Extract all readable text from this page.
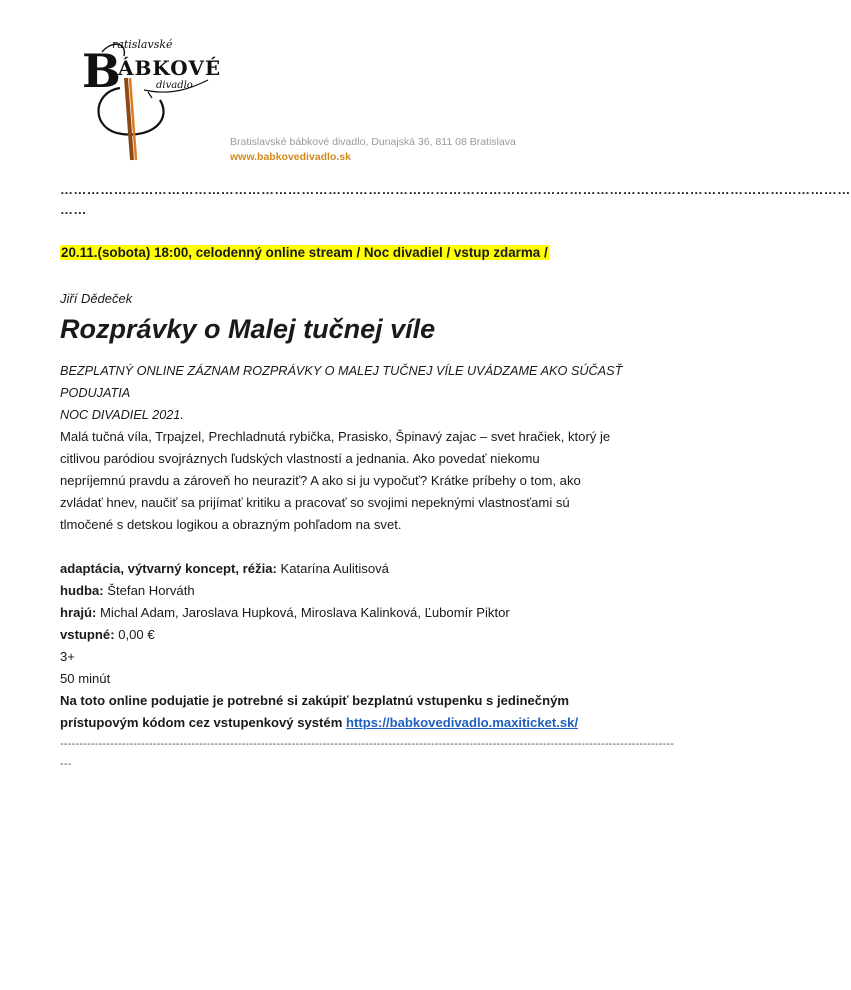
B
ÁBKOVÉ
ratislavské
divadlo
Bratislavské bábkové divadlo, Dunajská 36, 811 08 Bratislava
www.babkovedivadlo.sk
……………………………………………………………………………………………………………………………………………………………
……
20.11.(sobota) 18:00, celodenný online stream / Noc divadiel / vstup zdarma /
Jiří Dědeček
Rozprávky o Malej tučnej víle
BEZPLATNÝ ONLINE ZÁZNAM ROZPRÁVKY O MALEJ TUČNEJ VÍLE UVÁDZAME AKO SÚČASŤ PODUJATIA
NOC DIVADIEL 2021.
Malá tučná víla, Trpajzel, Prechladnutá rybička, Prasisko, Špinavý zajac – svet hračiek, ktorý je
citlivou paródiou svojráznych ľudských vlastností a jednania. Ako povedať niekomu
nepríjemnú pravdu a zároveň ho neuraziť? A ako si ju vypočuť? Krátke príbehy o tom, ako
zvládať hnev, naučiť sa prijímať kritiku a pracovať so svojimi nepeknými vlastnosťami sú
tlmočené s detskou logikou a obrazným pohľadom na svet.
adaptácia, výtvarný koncept, réžia: Katarína Aulitisová
hudba: Štefan Horváth
hrajú: Michal Adam, Jaroslava Hupková, Miroslava Kalinková, Ľubomír Piktor
vstupné: 0,00 €
3+
50 minút
Na toto online podujatie je potrebné si zakúpiť bezplatnú vstupenku s jedinečným
prístupovým kódom cez vstupenkový systém https://babkovedivadlo.maxiticket.sk/
---------------------------------------------------------------------------------------------------------------------------------------------------------------
---
